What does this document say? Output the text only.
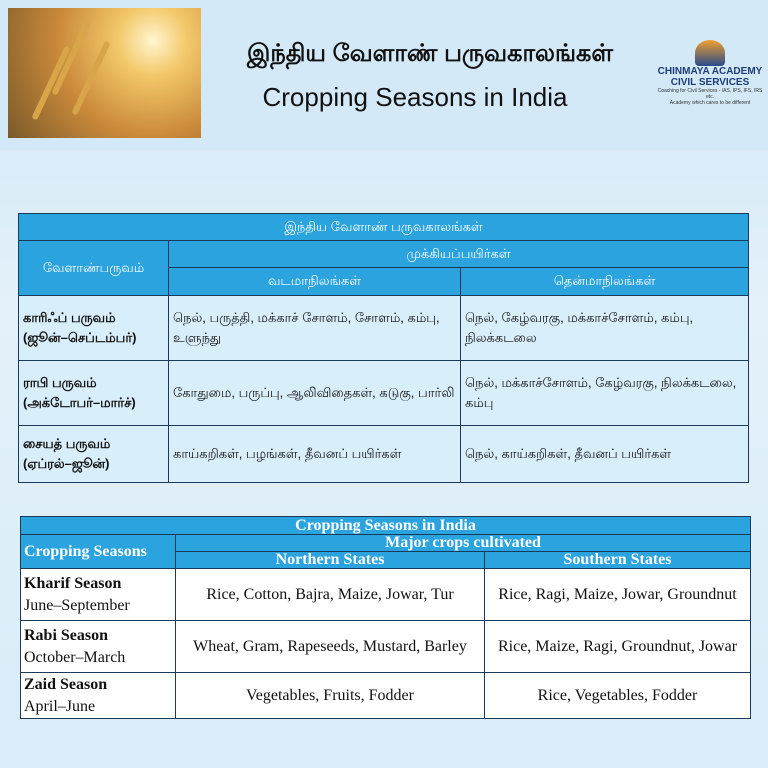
இந்திய வேளாண் பருவகாலங்கள்
Cropping Seasons in India
CHINMAYA ACADEMY
CIVIL SERVICES
Coaching for Civil Services - IAS, IPS, IFS, IRS etc.
Academy which cares to be different
இந்திய வேளாண் பருவகாலங்கள்		
வேளாண்பருவம்	முக்கியப்பயிர்கள்	
	வடமாநிலங்கள்	தென்மாநிலங்கள்

காரிஃப் பருவம்
(ஜூன்–செப்டம்பர்)	நெல், பருத்தி, மக்காச் சோளம், சோளம், கம்பு, உளுந்து	நெல், கேழ்வரகு, மக்காச்சோளம், கம்பு, நிலக்கடலை

ராபி பருவம்
(அக்டோபர்–மார்ச்)	கோதுமை, பருப்பு, ஆலிவிதைகள், கடுகு, பார்லி	நெல், மக்காச்சோளம், கேழ்வரகு, நிலக்கடலை, கம்பு

சையத் பருவம்
(ஏப்ரல்–ஜூன்)	காய்கறிகள், பழங்கள், தீவனப் பயிர்கள்	நெல், காய்கறிகள், தீவனப் பயிர்கள்
Cropping Seasons in India		
Cropping Seasons	Major crops cultivated	
	Northern States	Southern States

Kharif Season
June–September	Rice, Cotton, Bajra, Maize, Jowar, Tur	Rice, Ragi, Maize, Jowar, Groundnut

Rabi Season
October–March	Wheat, Gram, Rapeseeds, Mustard, Barley	Rice, Maize, Ragi, Groundnut, Jowar

Zaid Season
April–June	Vegetables, Fruits, Fodder	Rice, Vegetables, Fodder
